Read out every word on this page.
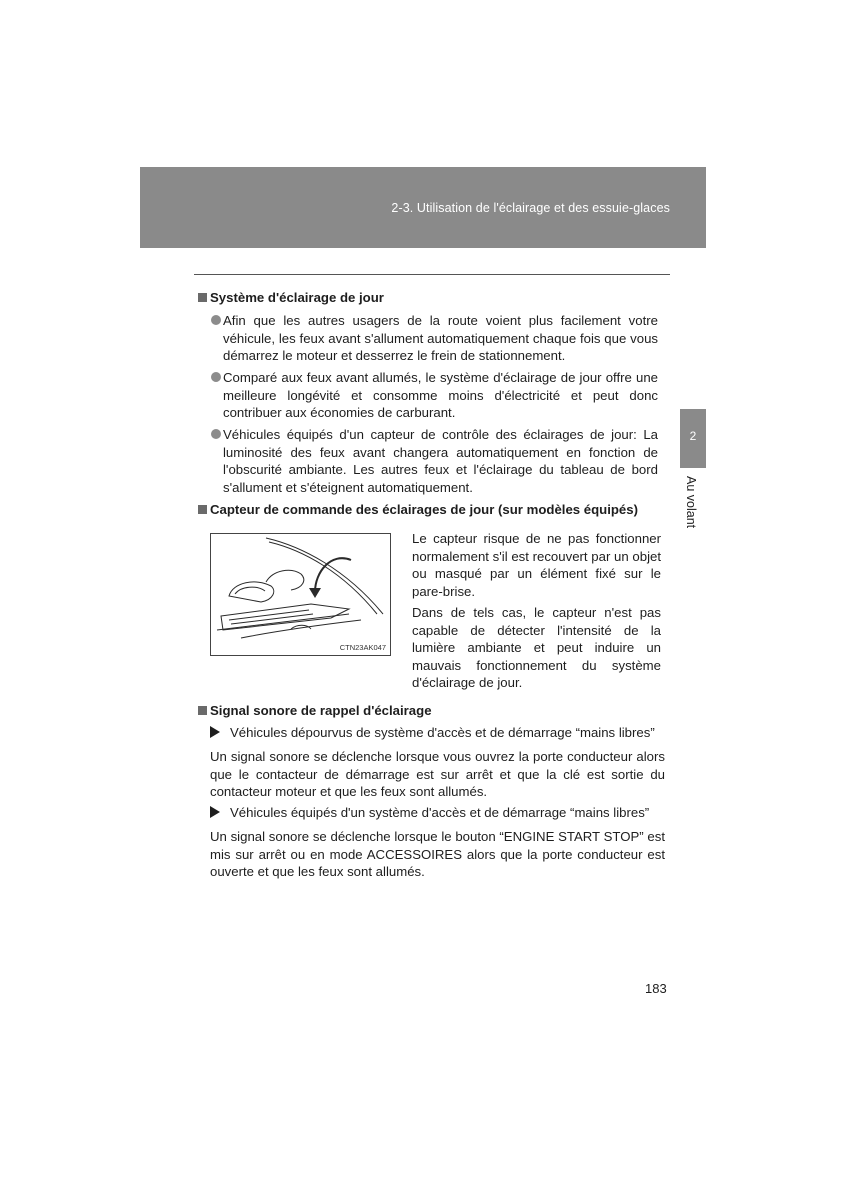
2-3. Utilisation de l'éclairage et des essuie-glaces
2
Au volant
Système d'éclairage de jour
Afin que les autres usagers de la route voient plus facilement votre véhicule, les feux avant s'allument automatiquement chaque fois que vous démarrez le moteur et desserrez le frein de stationnement.
Comparé aux feux avant allumés, le système d'éclairage de jour offre une meilleure longévité et consomme moins d'électricité et peut donc contribuer aux économies de carburant.
Véhicules équipés d'un capteur de contrôle des éclairages de jour: La luminosité des feux avant changera automatiquement en fonction de l'obscurité ambiante. Les autres feux et l'éclairage du tableau de bord s'allument et s'éteignent automatiquement.
Capteur de commande des éclairages de jour (sur modèles équipés)
CTN23AK047
Le capteur risque de ne pas fonctionner normalement s'il est recouvert par un objet ou masqué par un élément fixé sur le pare-brise.
Dans de tels cas, le capteur n'est pas capable de détecter l'intensité de la lumière ambiante et peut induire un mauvais fonctionnement du système d'éclairage de jour.
Signal sonore de rappel d'éclairage
Véhicules dépourvus de système d'accès et de démarrage “mains libres”
Un signal sonore se déclenche lorsque vous ouvrez la porte conducteur alors que le contacteur de démarrage est sur arrêt et que la clé est sortie du contacteur moteur et que les feux sont allumés.
Véhicules équipés d'un système d'accès et de démarrage “mains libres”
Un signal sonore se déclenche lorsque le bouton “ENGINE START STOP” est mis sur arrêt ou en mode ACCESSOIRES alors que la porte conducteur est ouverte et que les feux sont allumés.
183
